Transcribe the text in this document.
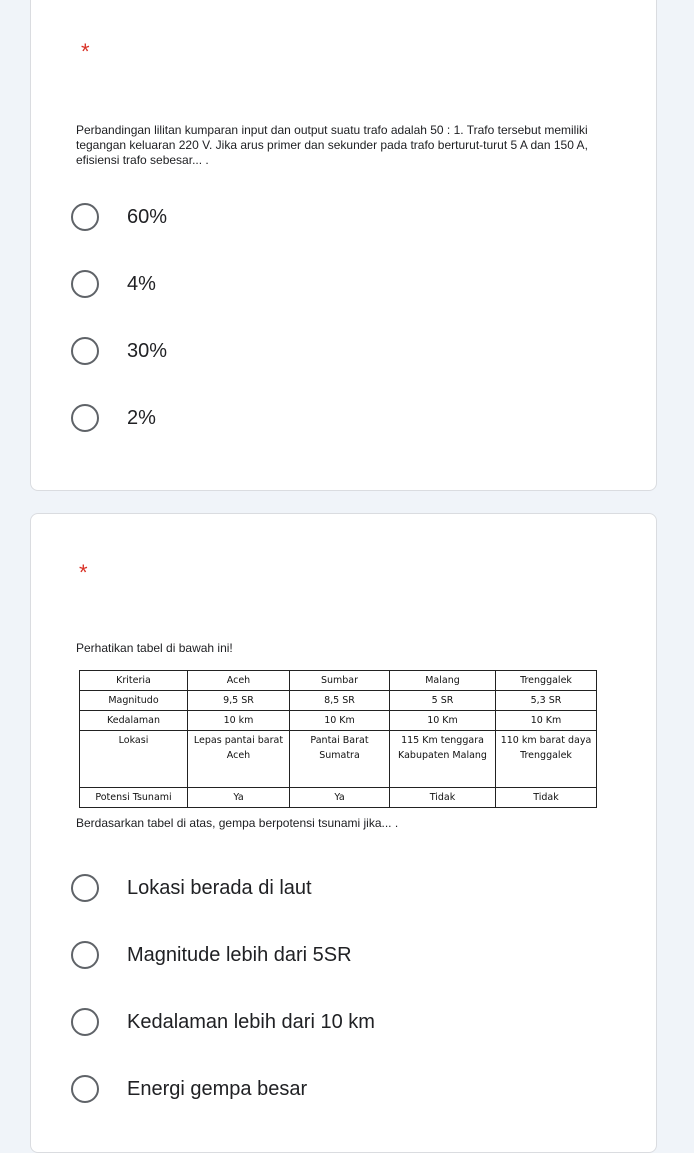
*
Perbandingan lilitan kumparan input dan output suatu trafo adalah 50 : 1. Trafo tersebut memiliki tegangan keluaran 220 V. Jika arus primer dan sekunder pada trafo berturut-turut 5 A dan 150 A, efisiensi trafo sebesar... .
60%
4%
30%
2%
*
Perhatikan tabel di bawah ini!
Kriteria	Aceh	Sumbar	Malang	Trenggalek
Magnitudo	9,5 SR	8,5 SR	5 SR	5,3 SR
Kedalaman	10 km	10 Km	10 Km	10 Km
Lokasi	Lepas pantai barat Aceh	Pantai Barat Sumatra	115 Km tenggara Kabupaten Malang	110 km barat daya Trenggalek
Potensi Tsunami	Ya	Ya	Tidak	Tidak
Berdasarkan tabel di atas, gempa berpotensi tsunami jika... .
Lokasi berada di laut
Magnitude lebih dari 5SR
Kedalaman lebih dari 10 km
Energi gempa besar
